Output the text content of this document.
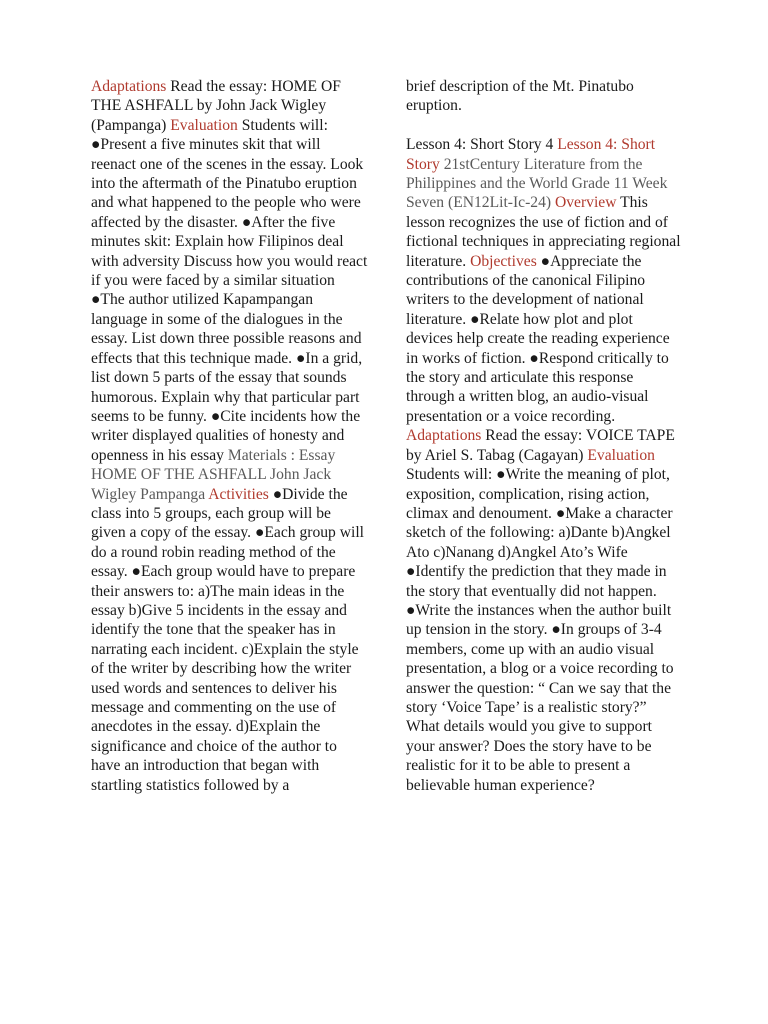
Adaptations Read the essay: HOME OF THE ASHFALL by John Jack Wigley (Pampanga) Evaluation Students will: ●Present a five minutes skit that will reenact one of the scenes in the essay. Look into the aftermath of the Pinatubo eruption and what happened to the people who were affected by the disaster. ●After the five minutes skit: Explain how Filipinos deal with adversity Discuss how you would react if you were faced by a similar situation ●The author utilized Kapampangan language in some of the dialogues in the essay. List down three possible reasons and effects that this technique made. ●In a grid, list down 5 parts of the essay that sounds humorous. Explain why that particular part seems to be funny. ●Cite incidents how the writer displayed qualities of honesty and openness in his essay Materials : Essay HOME OF THE ASHFALL John Jack Wigley Pampanga Activities ●Divide the class into 5 groups, each group will be given a copy of the essay. ●Each group will do a round robin reading method of the essay. ●Each group would have to prepare their answers to: a)The main ideas in the essay b)Give 5 incidents in the essay and identify the tone that the speaker has in narrating each incident. c)Explain the style of the writer by describing how the writer used words and sentences to deliver his message and commenting on the use of anecdotes in the essay. d)Explain the significance and choice of the author to have an introduction that began with startling statistics followed by a

brief description of the Mt. Pinatubo eruption.

Lesson 4: Short Story 4 Lesson 4: Short Story 21stCentury Literature from the Philippines and the World Grade 11 Week Seven (EN12Lit-Ic-24) Overview This lesson recognizes the use of fiction and of fictional techniques in appreciating regional literature. Objectives ●Appreciate the contributions of the canonical Filipino writers to the development of national literature. ●Relate how plot and plot devices help create the reading experience in works of fiction. ●Respond critically to the story and articulate this response through a written blog, an audio-visual presentation or a voice recording. Adaptations Read the essay: VOICE TAPE by Ariel S. Tabag (Cagayan) Evaluation Students will: ●Write the meaning of plot, exposition, complication, rising action, climax and denoument. ●Make a character sketch of the following: a)Dante b)Angkel Ato c)Nanang d)Angkel Ato’s Wife ●Identify the prediction that they made in the story that eventually did not happen. ●Write the instances when the author built up tension in the story. ●In groups of 3-4 members, come up with an audio visual presentation, a blog or a voice recording to answer the question: “ Can we say that the story ‘Voice Tape’ is a realistic story?” What details would you give to support your answer? Does the story have to be realistic for it to be able to present a believable human experience?
